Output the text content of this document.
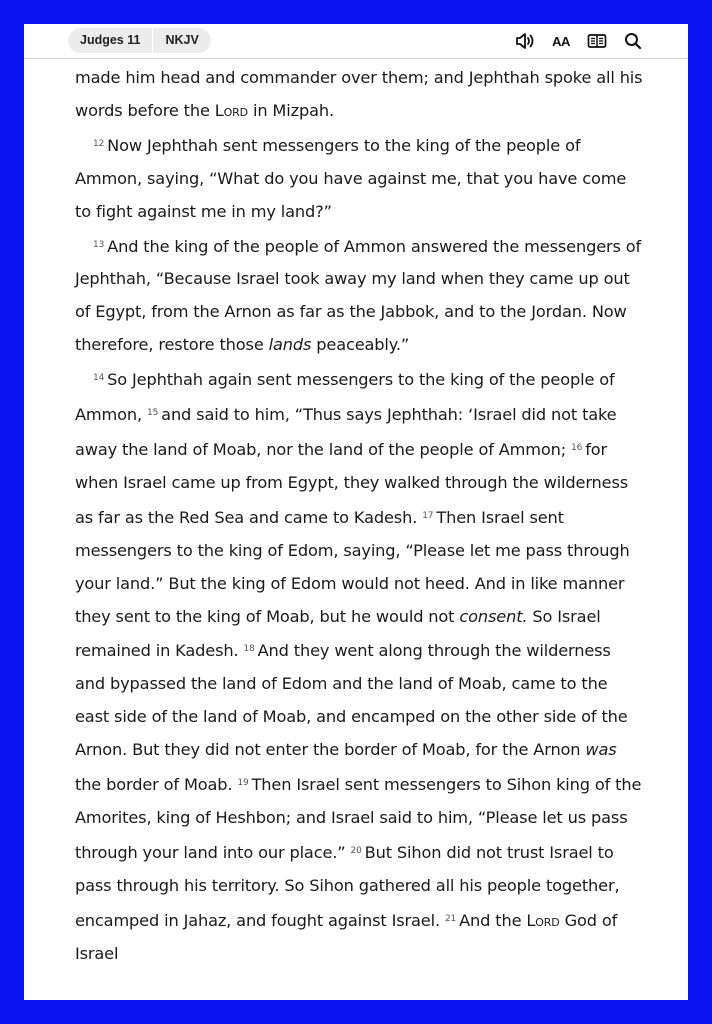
Judges 11	NKJV	AA

made him head and commander over them; and Jephthah spoke all his words before the Lord in Mizpah.

$^{12}$ Now Jephthah sent messengers to the king of the people of Ammon, saying, “What do you have against me, that you have come to fight against me in my land?”

$^{13}$ And the king of the people of Ammon answered the messengers of Jephthah, “Because Israel took away my land when they came up out of Egypt, from the Arnon as far as the Jabbok, and to the Jordan. Now therefore, restore those lands peaceably.”

$^{14}$ So Jephthah again sent messengers to the king of the people of Ammon, $^{15}$ and said to him, “Thus says Jephthah: ‘Israel did not take away the land of Moab, nor the land of the people of Ammon; $^{16}$ for when Israel came up from Egypt, they walked through the wilderness as far as the Red Sea and came to Kadesh. $^{17}$ Then Israel sent messengers to the king of Edom, saying, “Please let me pass through your land.” But the king of Edom would not heed. And in like manner they sent to the king of Moab, but he would not consent. So Israel remained in Kadesh. $^{18}$ And they went along through the wilderness and bypassed the land of Edom and the land of Moab, came to the east side of the land of Moab, and encamped on the other side of the Arnon. But they did not enter the border of Moab, for the Arnon was the border of Moab. $^{19}$ Then Israel sent messengers to Sihon king of the Amorites, king of Heshbon; and Israel said to him, “Please let us pass through your land into our place.” $^{20}$ But Sihon did not trust Israel to pass through his territory. So Sihon gathered all his people together, encamped in Jahaz, and fought against Israel. $^{21}$ And the Lord God of Israel
